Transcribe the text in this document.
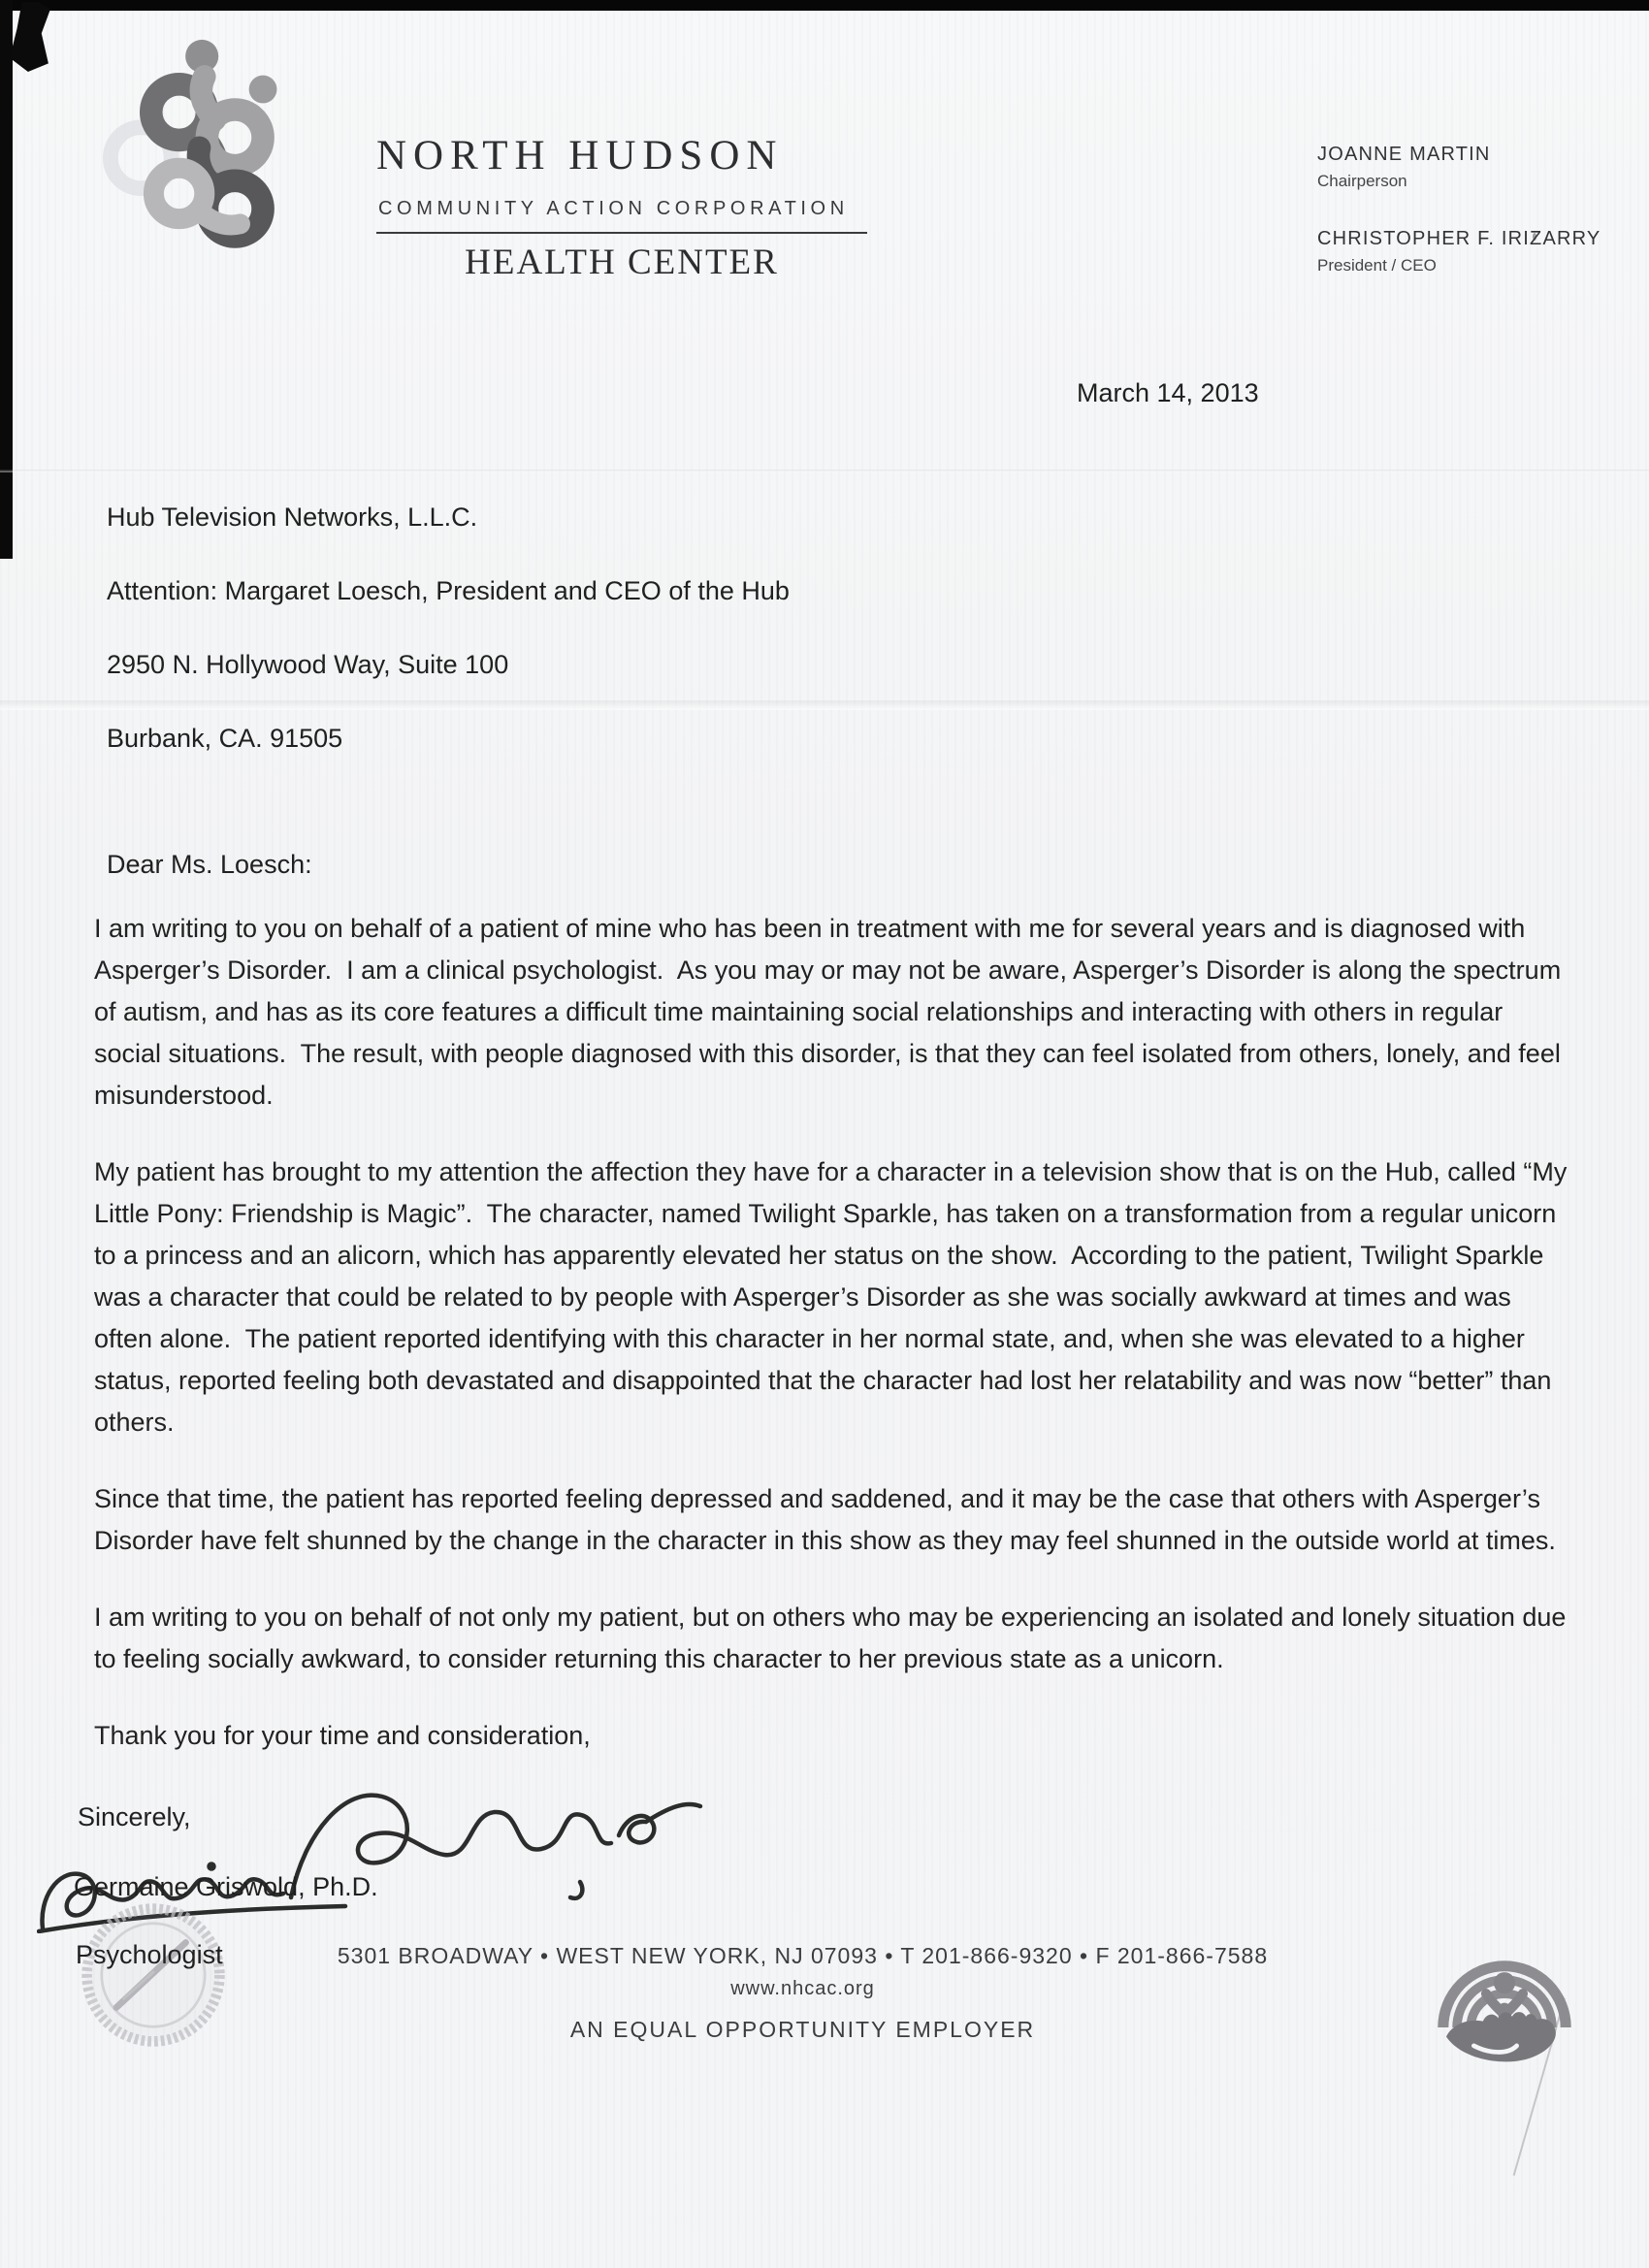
NORTH HUDSON
COMMUNITY ACTION CORPORATION
HEALTH CENTER
JOANNE MARTIN
Chairperson
CHRISTOPHER F. IRIZARRY
President / CEO
March 14, 2013
Hub Television Networks, L.L.C.
Attention: Margaret Loesch, President and CEO of the Hub
2950 N. Hollywood Way, Suite 100
Burbank, CA. 91505
Dear Ms. Loesch:

I am writing to you on behalf of a patient of mine who has been in treatment with me for several years and is diagnosed with Asperger’s Disorder.  I am a clinical psychologist.  As you may or may not be aware, Asperger’s Disorder is along the spectrum of autism, and has as its core features a difficult time maintaining social relationships and interacting with others in regular social situations.  The result, with people diagnosed with this disorder, is that they can feel isolated from others, lonely, and feel misunderstood.

My patient has brought to my attention the affection they have for a character in a television show that is on the Hub, called “My Little Pony: Friendship is Magic”.  The character, named Twilight Sparkle, has taken on a transformation from a regular unicorn to a princess and an alicorn, which has apparently elevated her status on the show.  According to the patient, Twilight Sparkle was a character that could be related to by people with Asperger’s Disorder as she was socially awkward at times and was often alone.  The patient reported identifying with this character in her normal state, and, when she was elevated to a higher status, reported feeling both devastated and disappointed that the character had lost her relatability and was now “better” than others.

Since that time, the patient has reported feeling depressed and saddened, and it may be the case that others with Asperger’s Disorder have felt shunned by the change in the character in this show as they may feel shunned in the outside world at times.

I am writing to you on behalf of not only my patient, but on others who may be experiencing an isolated and lonely situation due to feeling socially awkward, to consider returning this character to her previous state as a unicorn.

Thank you for your time and consideration,

Sincerely,
Germaine Griswold, Ph.D.
Psychologist	5301 BROADWAY • WEST NEW YORK, NJ 07093 • T 201-866-9320 • F 201-866-7588
www.nhcac.org
AN EQUAL OPPORTUNITY EMPLOYER
